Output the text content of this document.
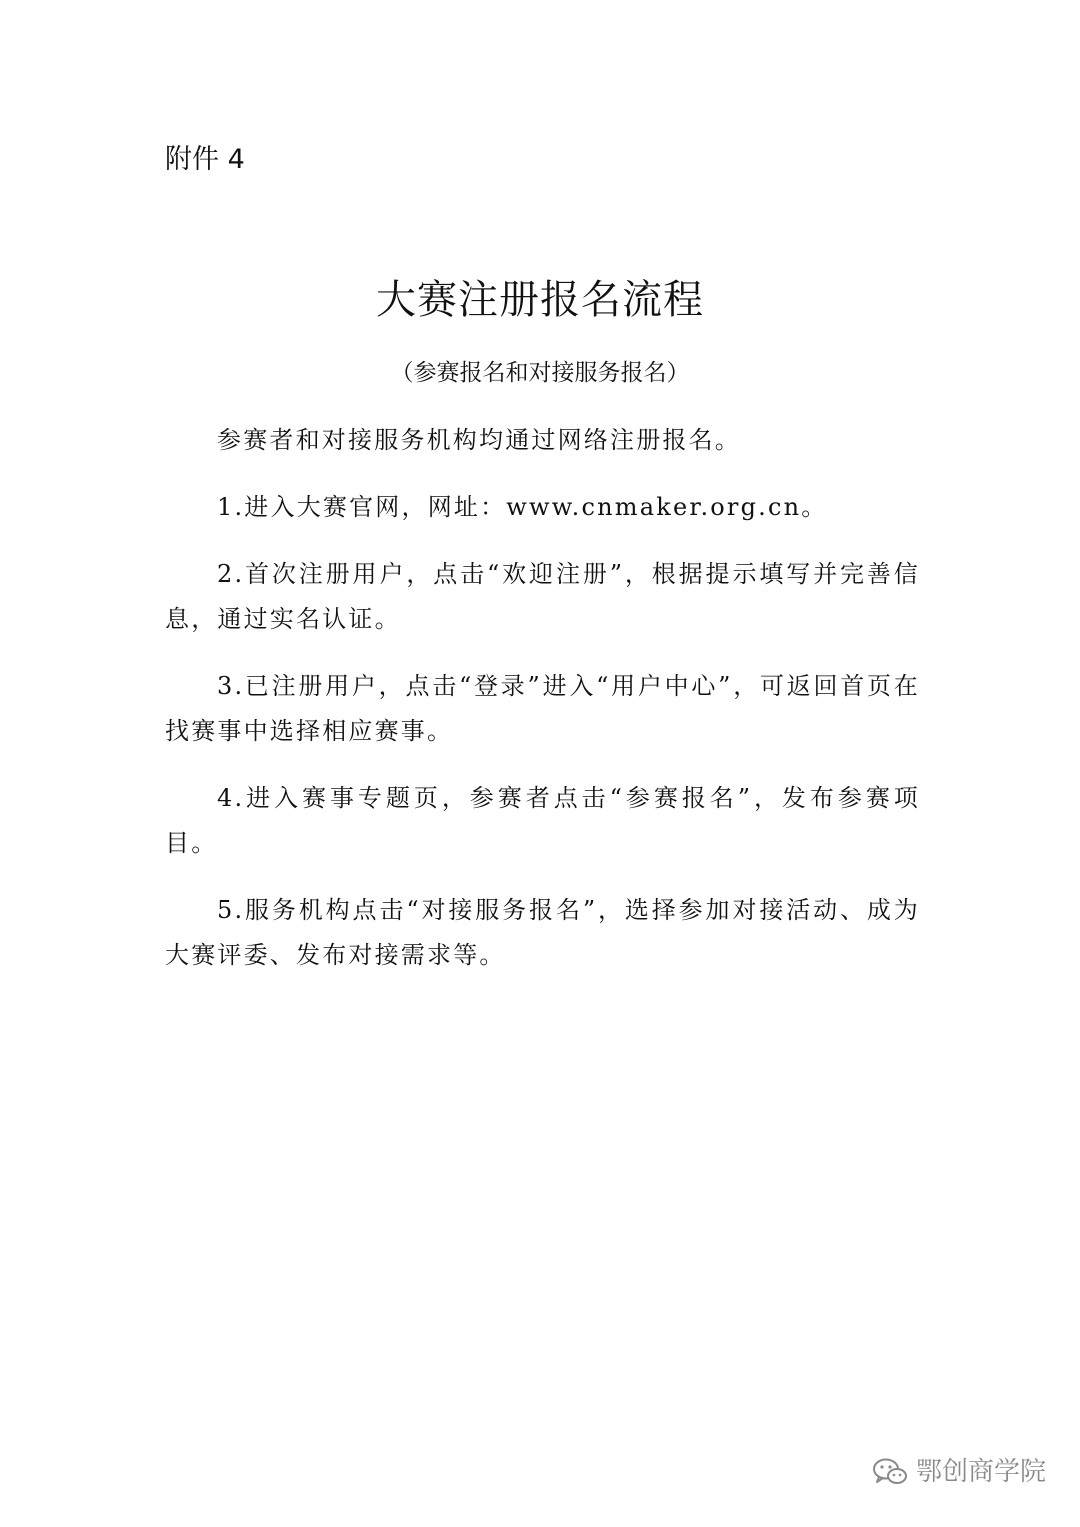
附件 4
大赛注册报名流程
（参赛报名和对接服务报名）

参赛者和对接服务机构均通过网络注册报名。

1.进入大赛官网，网址：www.cnmaker.org.cn。

2.首次注册用户，点击“欢迎注册”，根据提示填写并完善信息，通过实名认证。

3.已注册用户，点击“登录”进入“用户中心”，可返回首页在找赛事中选择相应赛事。

4.进入赛事专题页，参赛者点击“参赛报名”，发布参赛项目。

5.服务机构点击“对接服务报名”，选择参加对接活动、成为大赛评委、发布对接需求等。

鄂创商学院
